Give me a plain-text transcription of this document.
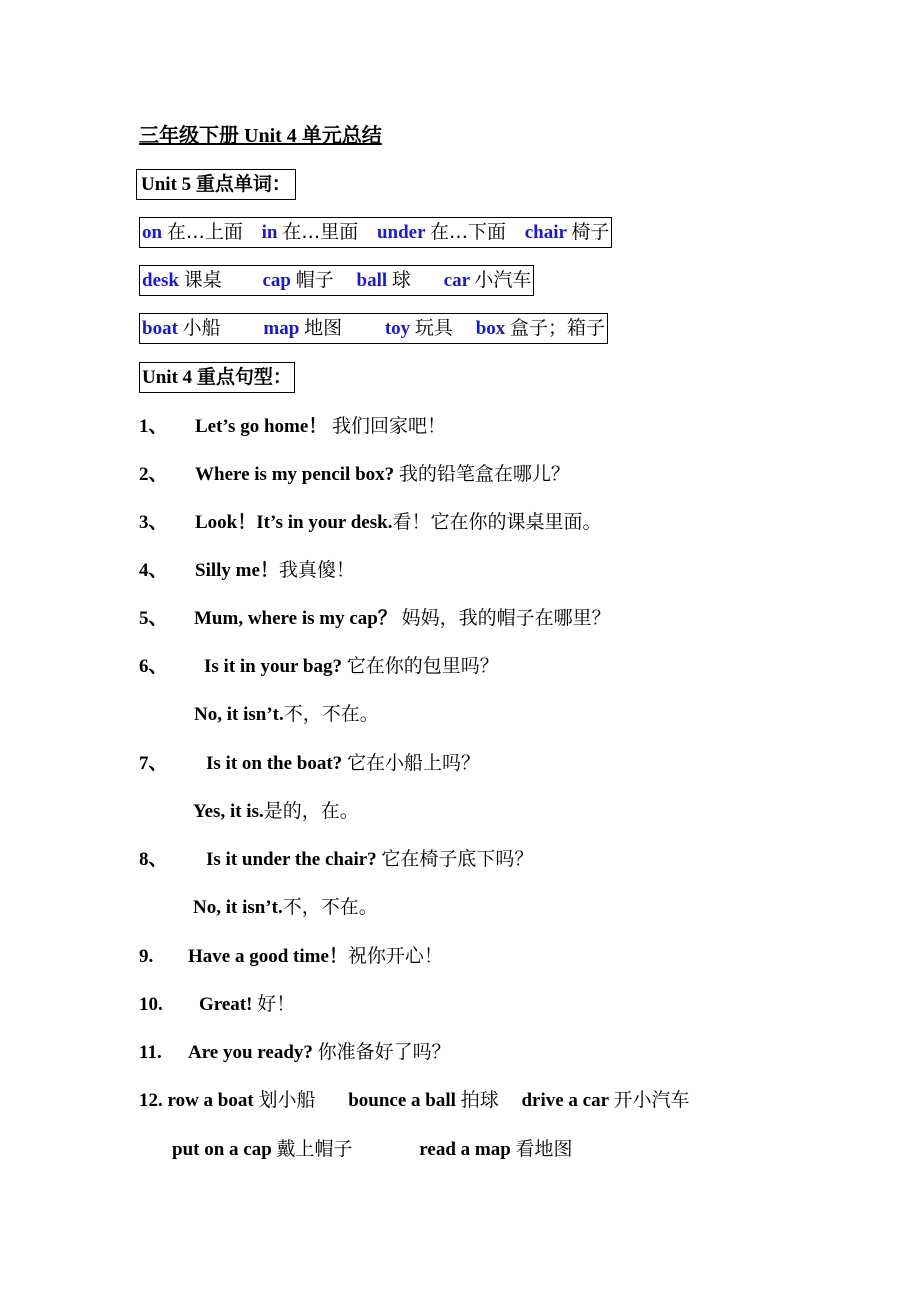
三年级下册 Unit 4 单元总结
Unit 5 重点单词：
on 在…上面 in 在…里面 under 在…下面 chair 椅子
desk 课桌 cap 帽子 ball 球 car 小汽车
boat 小船 map 地图 toy 玩具 box 盒子；箱子
Unit 4 重点句型：
1、 Let’s go home！ 我们回家吧！
2、 Where is my pencil box? 我的铅笔盒在哪儿？
3、 Look！It’s in your desk.看！它在你的课桌里面。
4、 Silly me！我真傻！
5、 Mum, where is my cap？ 妈妈，我的帽子在哪里？
6、 Is it in your bag? 它在你的包里吗？
No, it isn’t.不，不在。
7、 Is it on the boat? 它在小船上吗？
Yes, it is.是的，在。
8、 Is it under the chair? 它在椅子底下吗？
No, it isn’t.不，不在。
9. Have a good time！祝你开心！
10. Great! 好！
11. Are you ready? 你准备好了吗？
12. row a boat 划小船 bounce a ball 拍球 drive a car 开小汽车
put on a cap 戴上帽子	read a map 看地图
